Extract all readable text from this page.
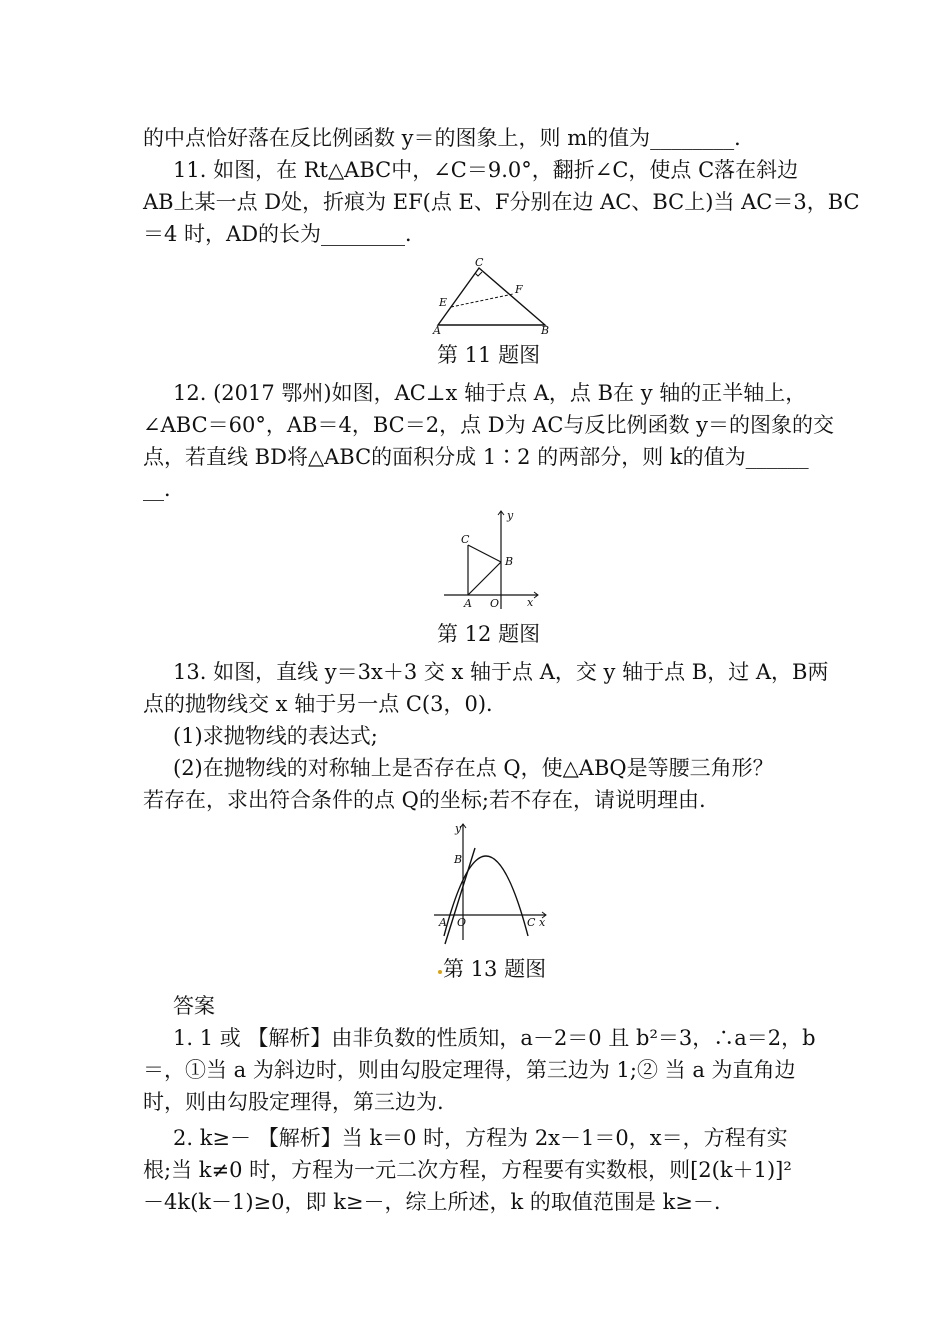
的中点恰好落在反比例函数 y＝的图象上，则 m的值为________．
11. 如图，在 Rt△ABC中，∠C＝9.0°，翻折∠C，使点 C落在斜边
AB上某一点 D处，折痕为 EF(点 E、F分别在边 AC、BC上)当 AC＝3，BC
＝4 时，AD的长为________．
C
E
F
A	B
第 11 题图
12. (2017 鄂州)如图，AC⊥x 轴于点 A，点 B在 y 轴的正半轴上，
∠ABC＝60°，AB＝4，BC＝2，点 D为 AC与反比例函数 y＝的图象的交
点，若直线 BD将△ABC的面积分成 1∶2 的两部分，则 k的值为______
__．
y
C
B
A O	x
第 12 题图
13. 如图，直线 y＝3x＋3 交 x 轴于点 A，交 y 轴于点 B，过 A，B两
点的抛物线交 x 轴于另一点 C(3，0)．
(1)求抛物线的表达式;
(2)在抛物线的对称轴上是否存在点 Q，使△ABQ是等腰三角形？
若存在，求出符合条件的点 Q的坐标;若不存在，请说明理由.
y
B
A O	C x
第 13 题图
答案
1. 1 或 【解析】由非负数的性质知，a－2＝0 且 b²＝3，∴a＝2，b
＝，①当 a 为斜边时，则由勾股定理得，第三边为 1;② 当 a 为直角边
时，则由勾股定理得，第三边为.
2. k≥－ 【解析】当 k＝0 时，方程为 2x－1＝0，x＝，方程有实
根;当 k≠0 时，方程为一元二次方程，方程要有实数根，则[2(k＋1)]²
－4k(k－1)≥0，即 k≥－，综上所述，k 的取值范围是 k≥－.
